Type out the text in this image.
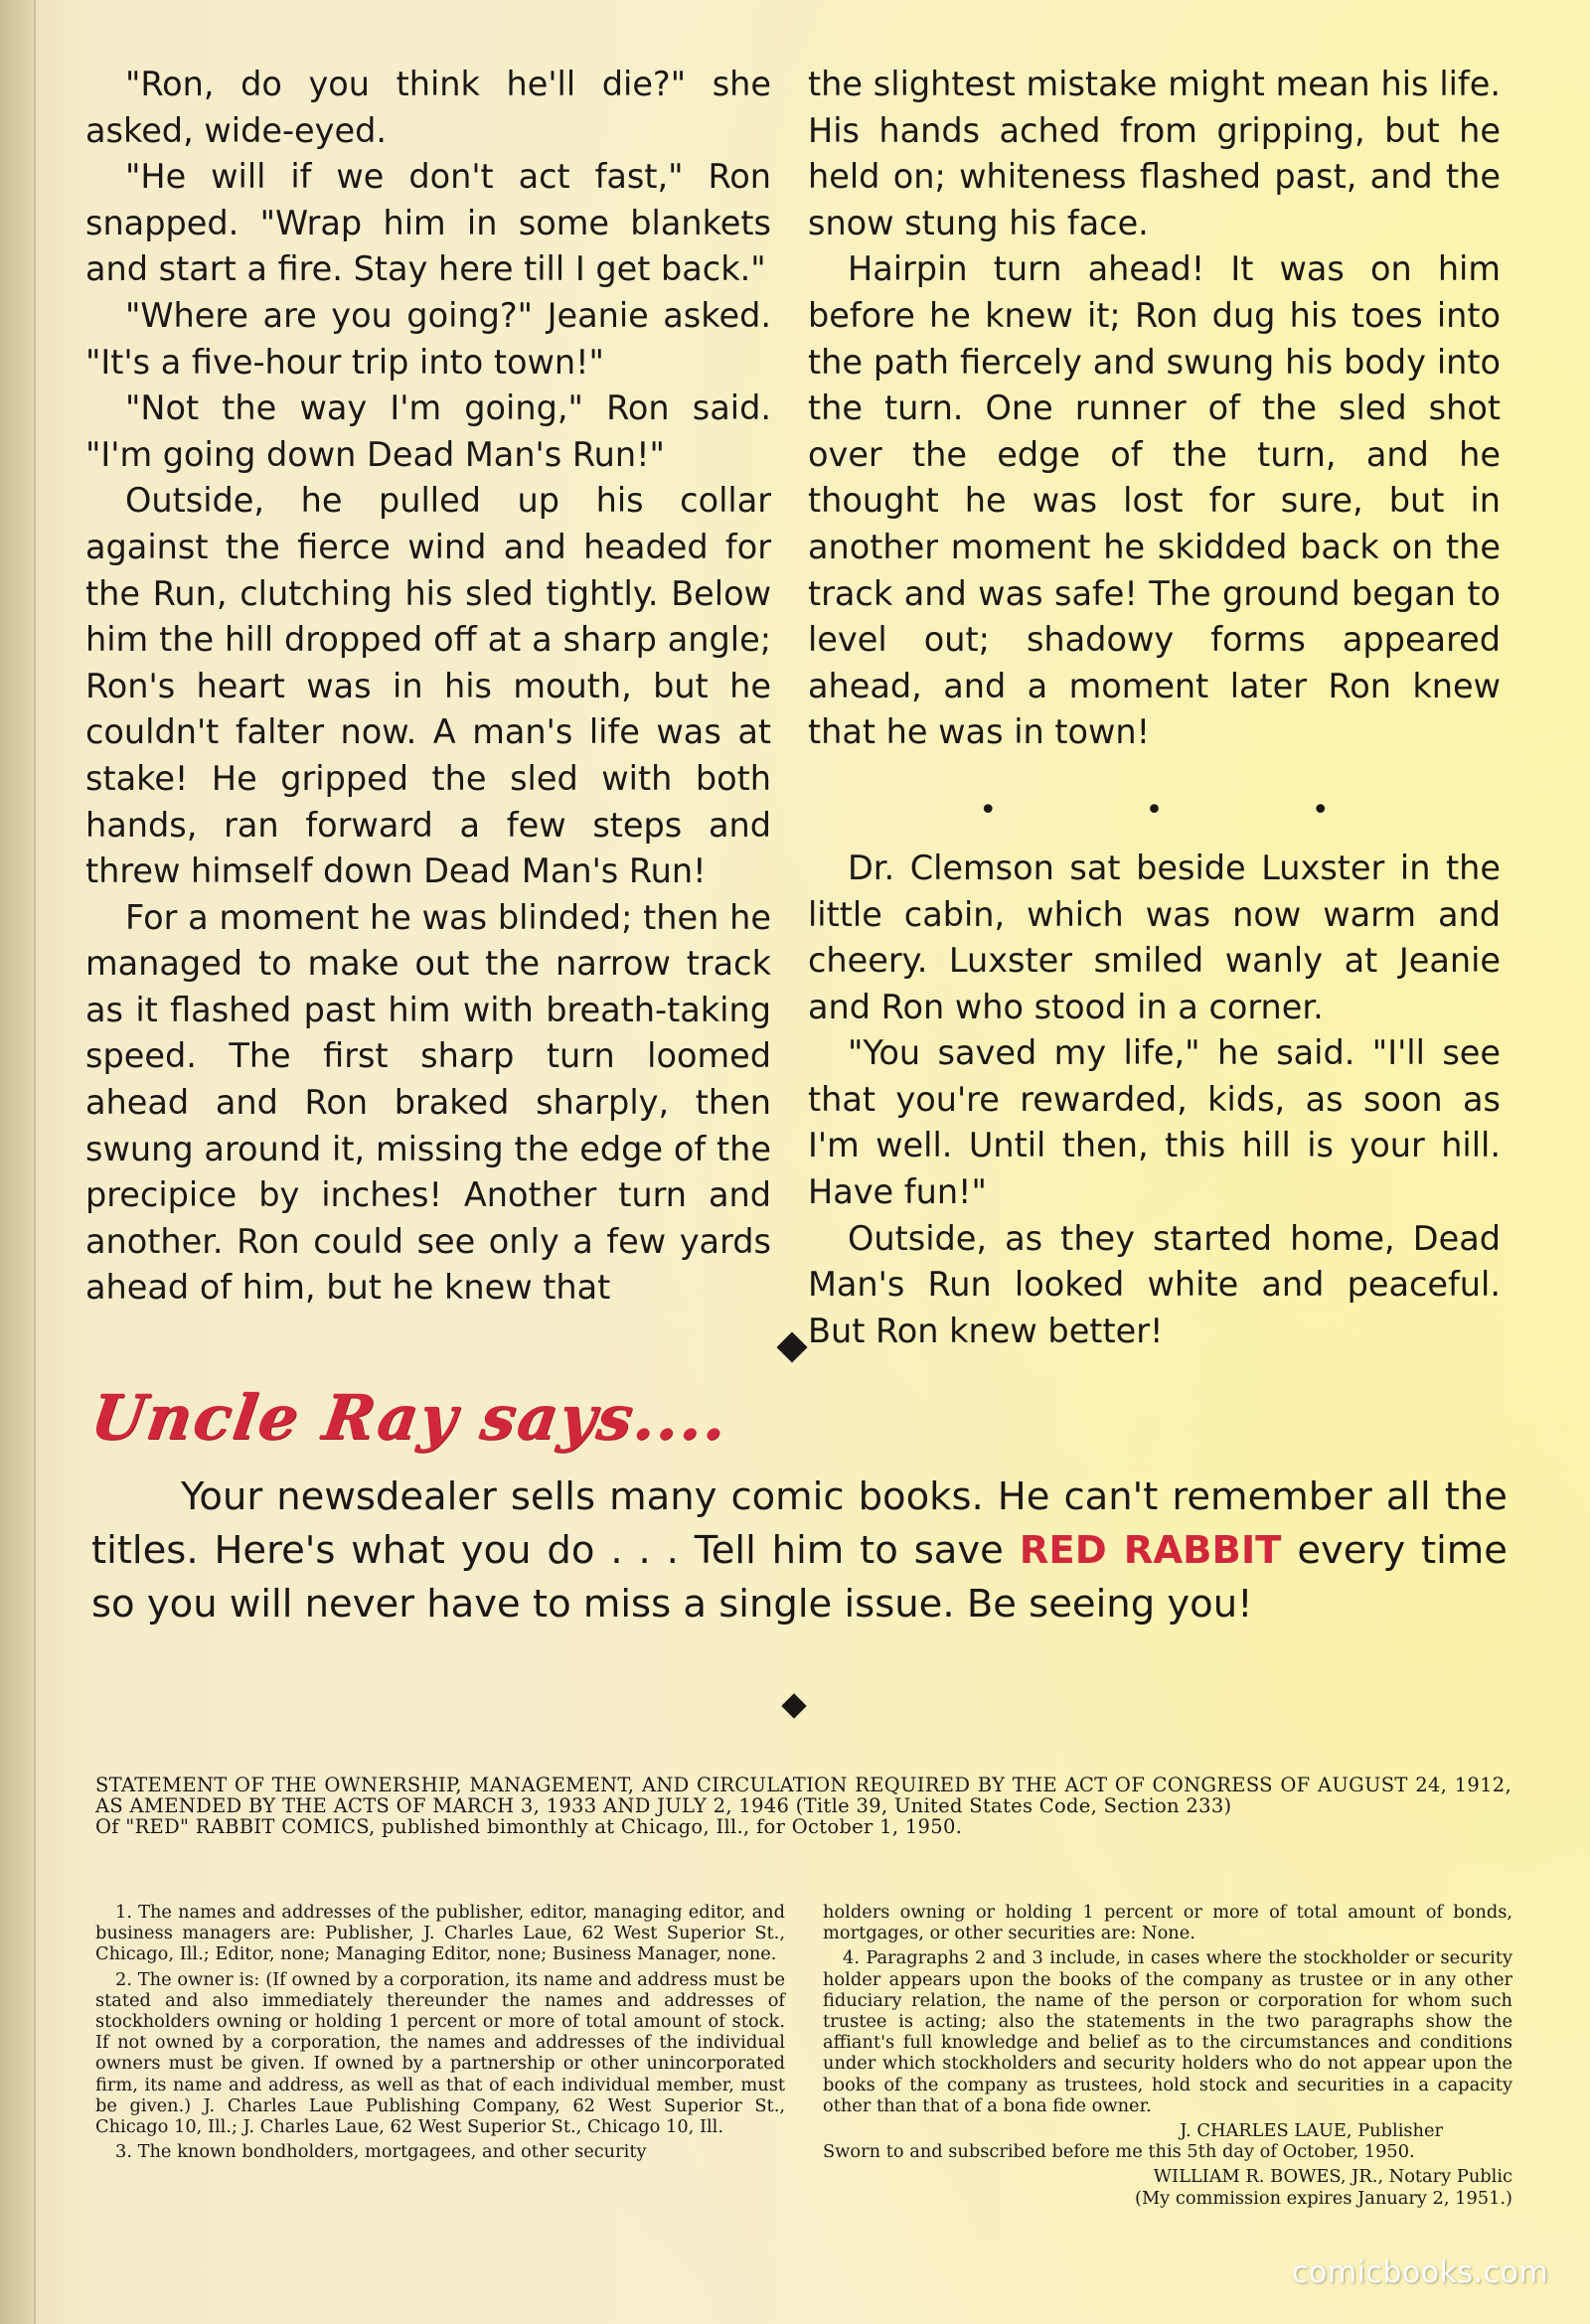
"Ron, do you think he'll die?" she asked, wide-eyed.

"He will if we don't act fast," Ron snapped. "Wrap him in some blankets and start a fire. Stay here till I get back."

"Where are you going?" Jeanie asked. "It's a five-hour trip into town!"

"Not the way I'm going," Ron said. "I'm going down Dead Man's Run!"

Outside, he pulled up his collar against the fierce wind and headed for the Run, clutching his sled tightly. Below him the hill dropped off at a sharp angle; Ron's heart was in his mouth, but he couldn't falter now. A man's life was at stake! He gripped the sled with both hands, ran forward a few steps and threw himself down Dead Man's Run!

For a moment he was blinded; then he managed to make out the narrow track as it flashed past him with breath-taking speed. The first sharp turn loomed ahead and Ron braked sharply, then swung around it, missing the edge of the precipice by inches! Another turn and another. Ron could see only a few yards ahead of him, but he knew that

the slightest mistake might mean his life. His hands ached from gripping, but he held on; whiteness flashed past, and the snow stung his face.

Hairpin turn ahead! It was on him before he knew it; Ron dug his toes into the path fiercely and swung his body into the turn. One runner of the sled shot over the edge of the turn, and he thought he was lost for sure, but in another moment he skidded back on the track and was safe! The ground began to level out; shadowy forms appeared ahead, and a moment later Ron knew that he was in town!

• • •

Dr. Clemson sat beside Luxster in the little cabin, which was now warm and cheery. Luxster smiled wanly at Jeanie and Ron who stood in a corner.

"You saved my life," he said. "I'll see that you're rewarded, kids, as soon as I'm well. Until then, this hill is your hill. Have fun!"

Outside, as they started home, Dead Man's Run looked white and peaceful. But Ron knew better!

Uncle Ray says....

Your newsdealer sells many comic books. He can't remember all the titles. Here's what you do . . . Tell him to save RED RABBIT every time so you will never have to miss a single issue. Be seeing you!

STATEMENT OF THE OWNERSHIP, MANAGEMENT, AND CIRCULATION REQUIRED BY THE ACT OF CONGRESS OF AUGUST 24, 1912, AS AMENDED BY THE ACTS OF MARCH 3, 1933 AND JULY 2, 1946 (Title 39, United States Code, Section 233)

Of "RED" RABBIT COMICS, published bimonthly at Chicago, Ill., for October 1, 1950.

1. The names and addresses of the publisher, editor, managing editor, and business managers are: Publisher, J. Charles Laue, 62 West Superior St., Chicago, Ill.; Editor, none; Managing Editor, none; Business Manager, none.

2. The owner is: (If owned by a corporation, its name and address must be stated and also immediately thereunder the names and addresses of stockholders owning or holding 1 percent or more of total amount of stock. If not owned by a corporation, the names and addresses of the individual owners must be given. If owned by a partnership or other unincorporated firm, its name and address, as well as that of each individual member, must be given.) J. Charles Laue Publishing Company, 62 West Superior St., Chicago 10, Ill.; J. Charles Laue, 62 West Superior St., Chicago 10, Ill.

3. The known bondholders, mortgagees, and other security

holders owning or holding 1 percent or more of total amount of bonds, mortgages, or other securities are: None.

4. Paragraphs 2 and 3 include, in cases where the stockholder or security holder appears upon the books of the company as trustee or in any other fiduciary relation, the name of the person or corporation for whom such trustee is acting; also the statements in the two paragraphs show the affiant's full knowledge and belief as to the circumstances and conditions under which stockholders and security holders who do not appear upon the books of the company as trustees, hold stock and securities in a capacity other than that of a bona fide owner.

J. CHARLES LAUE, Publisher

Sworn to and subscribed before me this 5th day of October, 1950.

WILLIAM R. BOWES, JR., Notary Public

(My commission expires January 2, 1951.)

comicbooks.com
